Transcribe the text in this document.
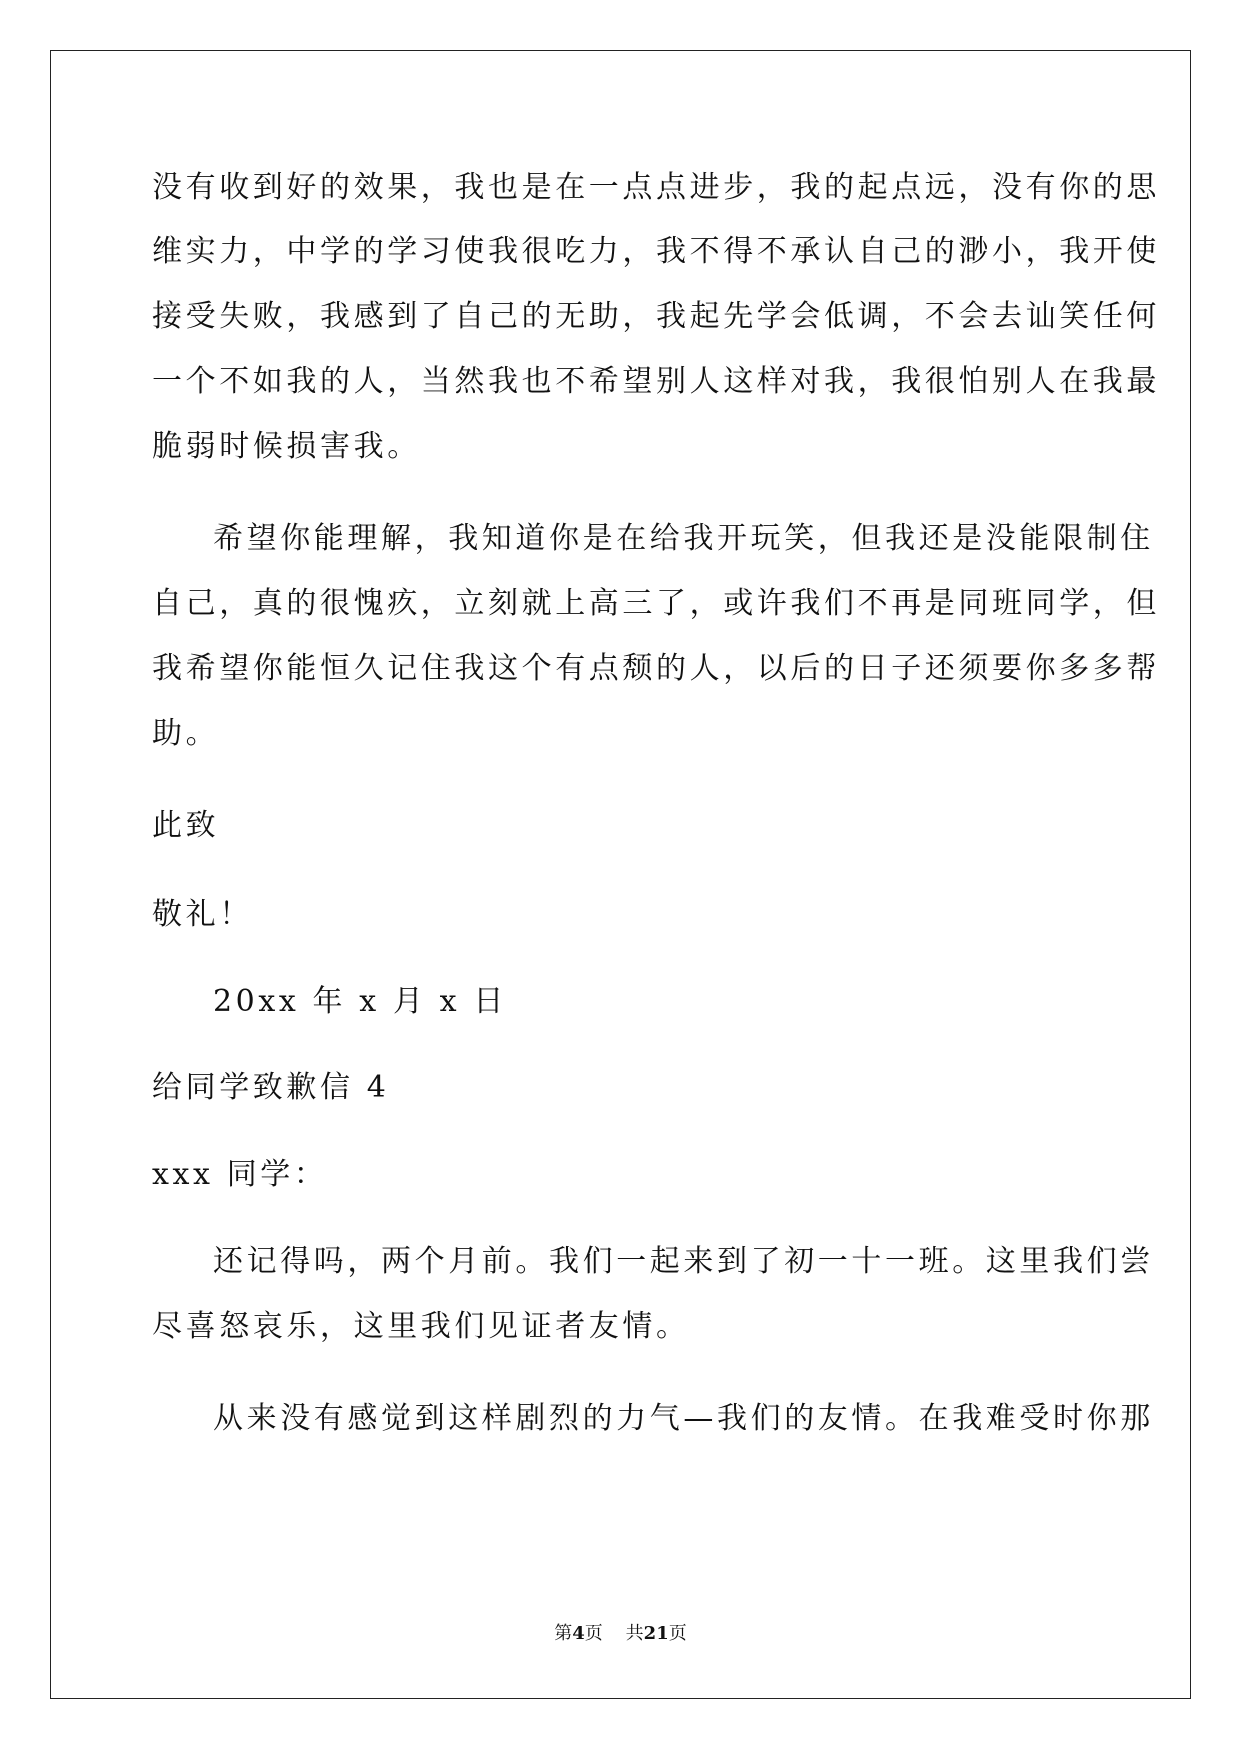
没有收到好的效果，我也是在一点点进步，我的起点远，没有你的思
维实力，中学的学习使我很吃力，我不得不承认自己的渺小，我开使
接受失败，我感到了自己的无助，我起先学会低调，不会去讪笑任何
一个不如我的人，当然我也不希望别人这样对我，我很怕别人在我最
脆弱时候损害我。
希望你能理解，我知道你是在给我开玩笑，但我还是没能限制住
自己，真的很愧疚，立刻就上高三了，或许我们不再是同班同学，但
我希望你能恒久记住我这个有点颓的人，以后的日子还须要你多多帮
助。
此致
敬礼！
20xx 年 x 月 x 日
给同学致歉信 4
xxx 同学：
还记得吗，两个月前。我们一起来到了初一十一班。这里我们尝
尽喜怒哀乐，这里我们见证者友情。
从来没有感觉到这样剧烈的力气—我们的友情。在我难受时你那
第4页 共21页
